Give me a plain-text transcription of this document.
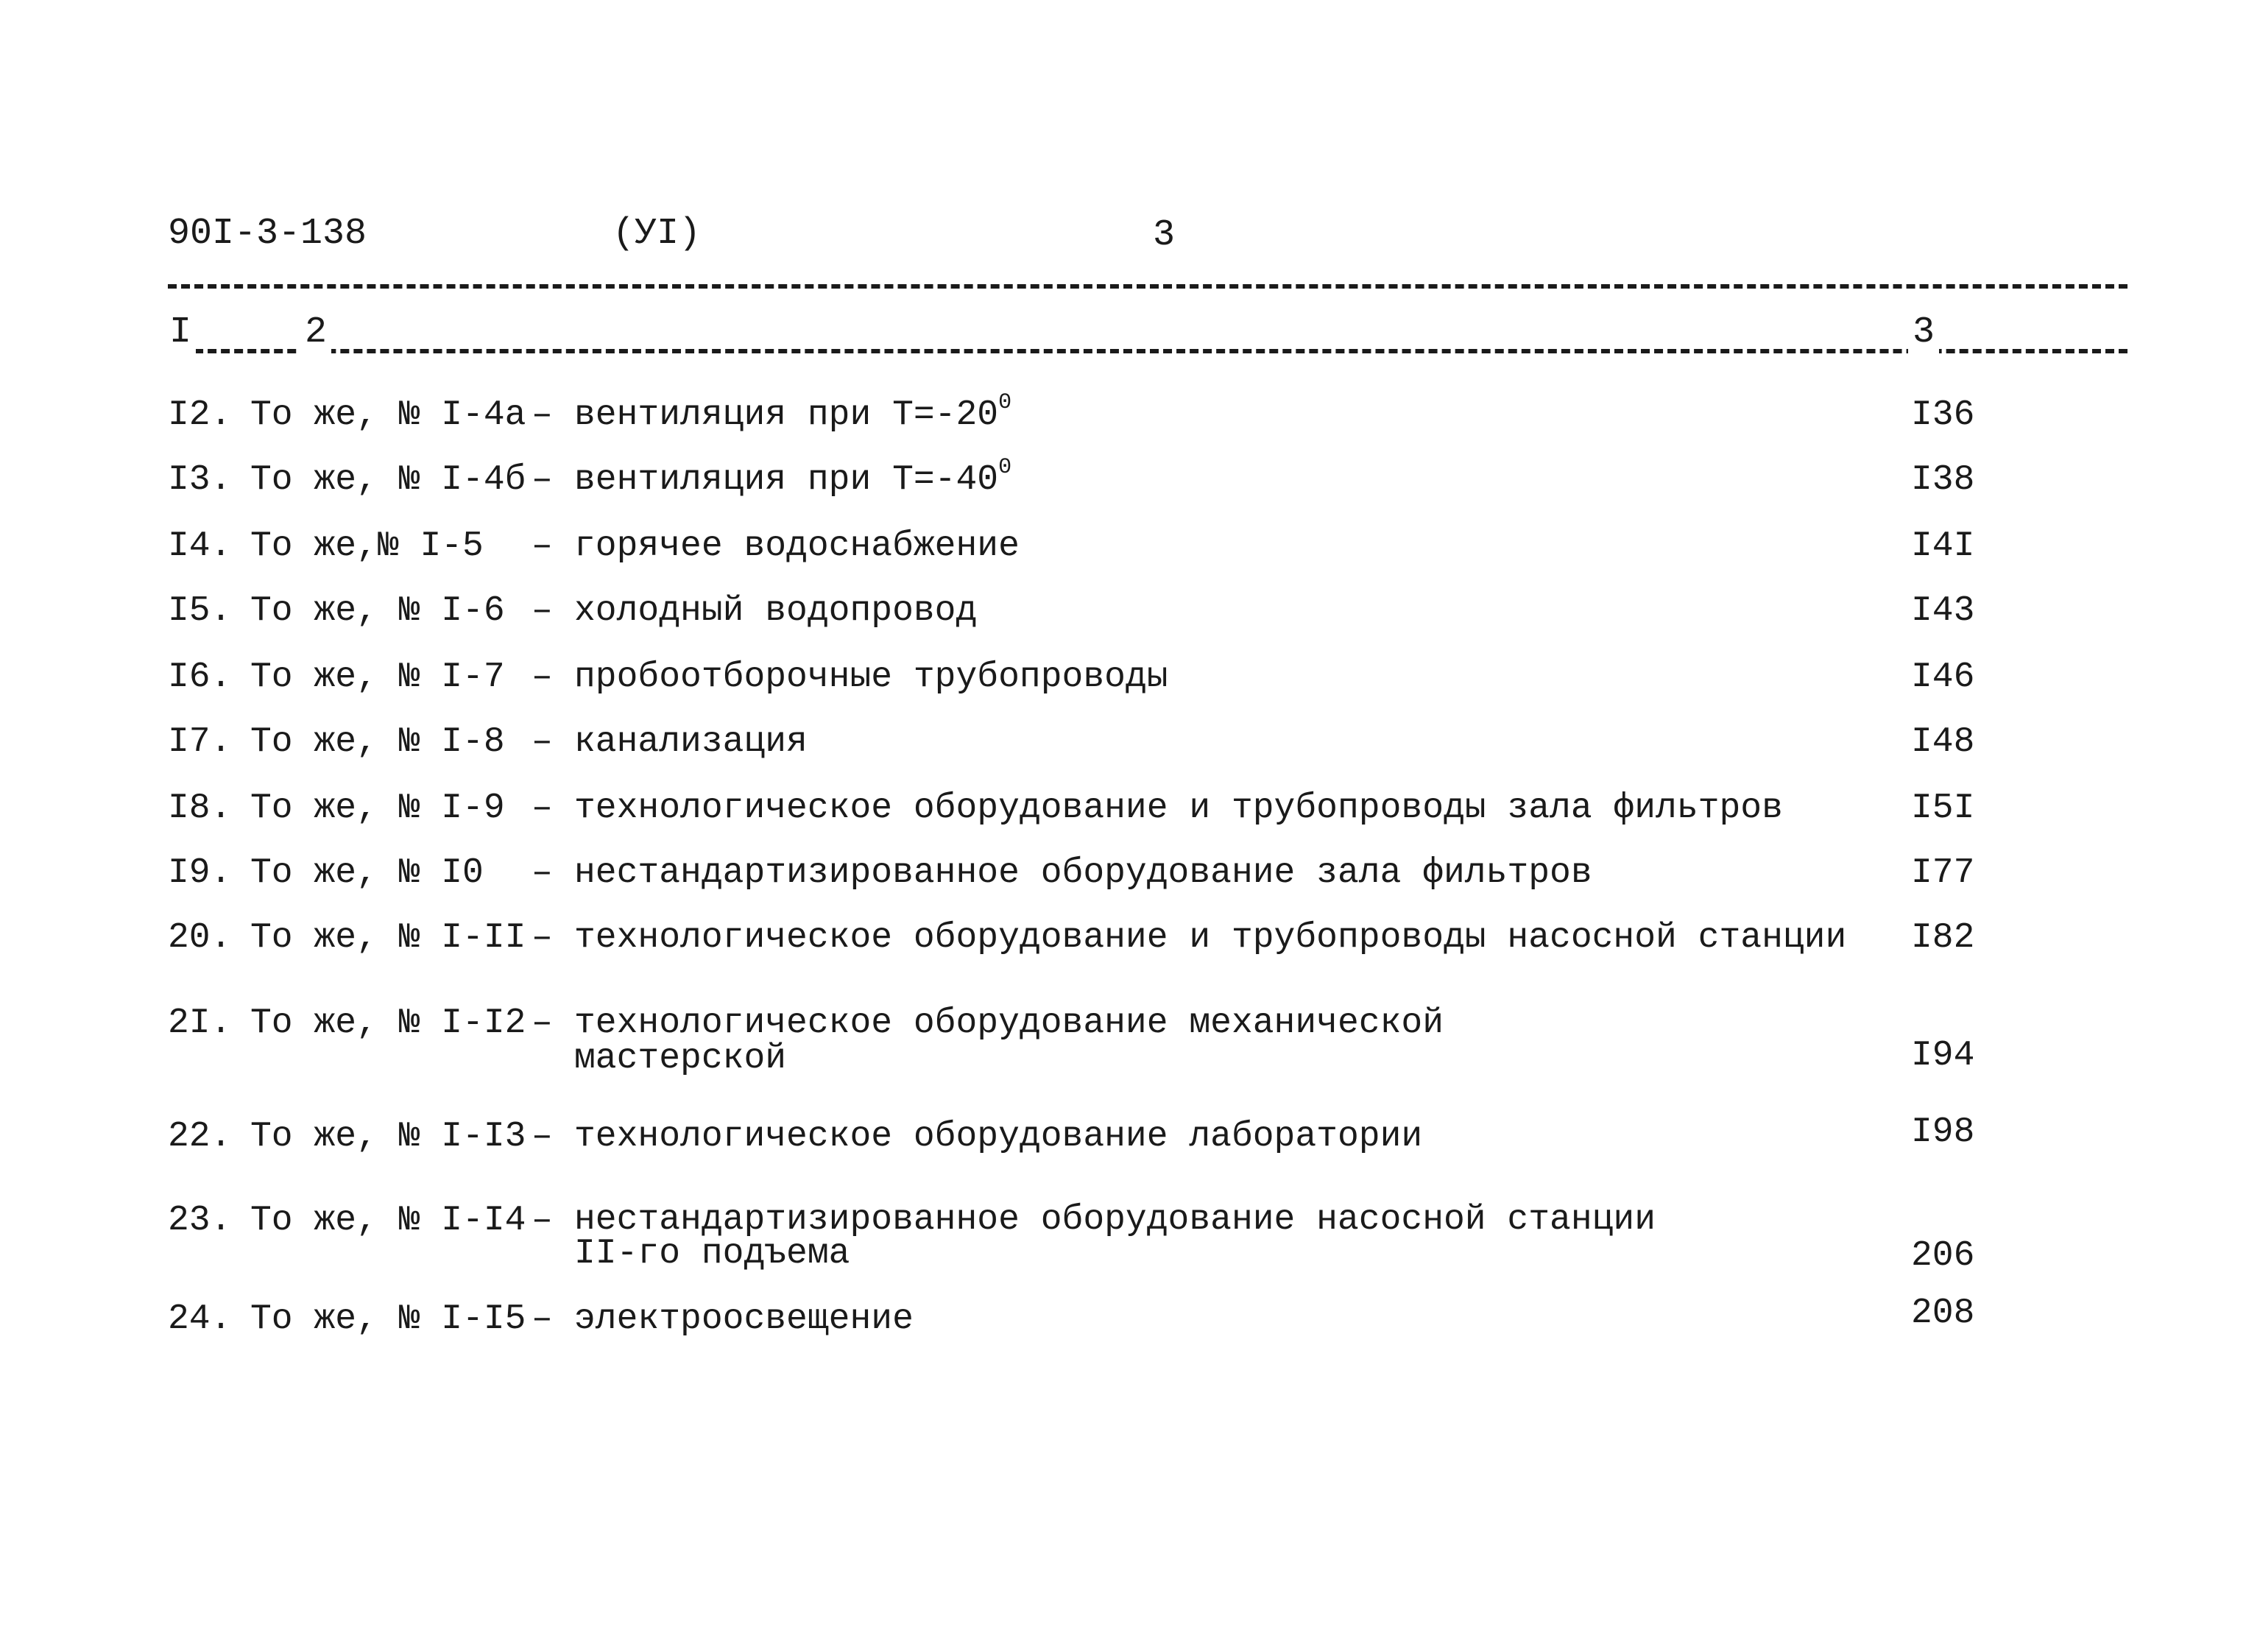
90I-3-138	(УI)	3
I	2	3
I2. То же, № I-4а – вентиляция при $Т=-20^0$	I36
I3. То же, № I-4б – вентиляция при $Т=-40^0$	I38
I4. То же,№ I-5 – горячее водоснабжение	I4I
I5. То же, № I-6 – холодный водопровод	I43
I6. То же, № I-7 – пробоотборочные трубопроводы	I46
I7. То же, № I-8 – канализация	I48
I8. То же, № I-9 – технологическое оборудование и трубопроводы зала фильтров	I5I
I9. То же, № I0 – нестандартизированное оборудование зала фильтров	I77
20. То же, № I-II – технологическое оборудование и трубопроводы насосной станции I82
2I. То же, № I-I2 – технологическое оборудование механической
мастерской	I94
22. То же, № I-I3 – технологическое оборудование лаборатории	I98
23. То же, № I-I4 – нестандартизированное оборудование насосной станции
II-го подъема	206
24. То же, № I-I5 – электроосвещение	208
